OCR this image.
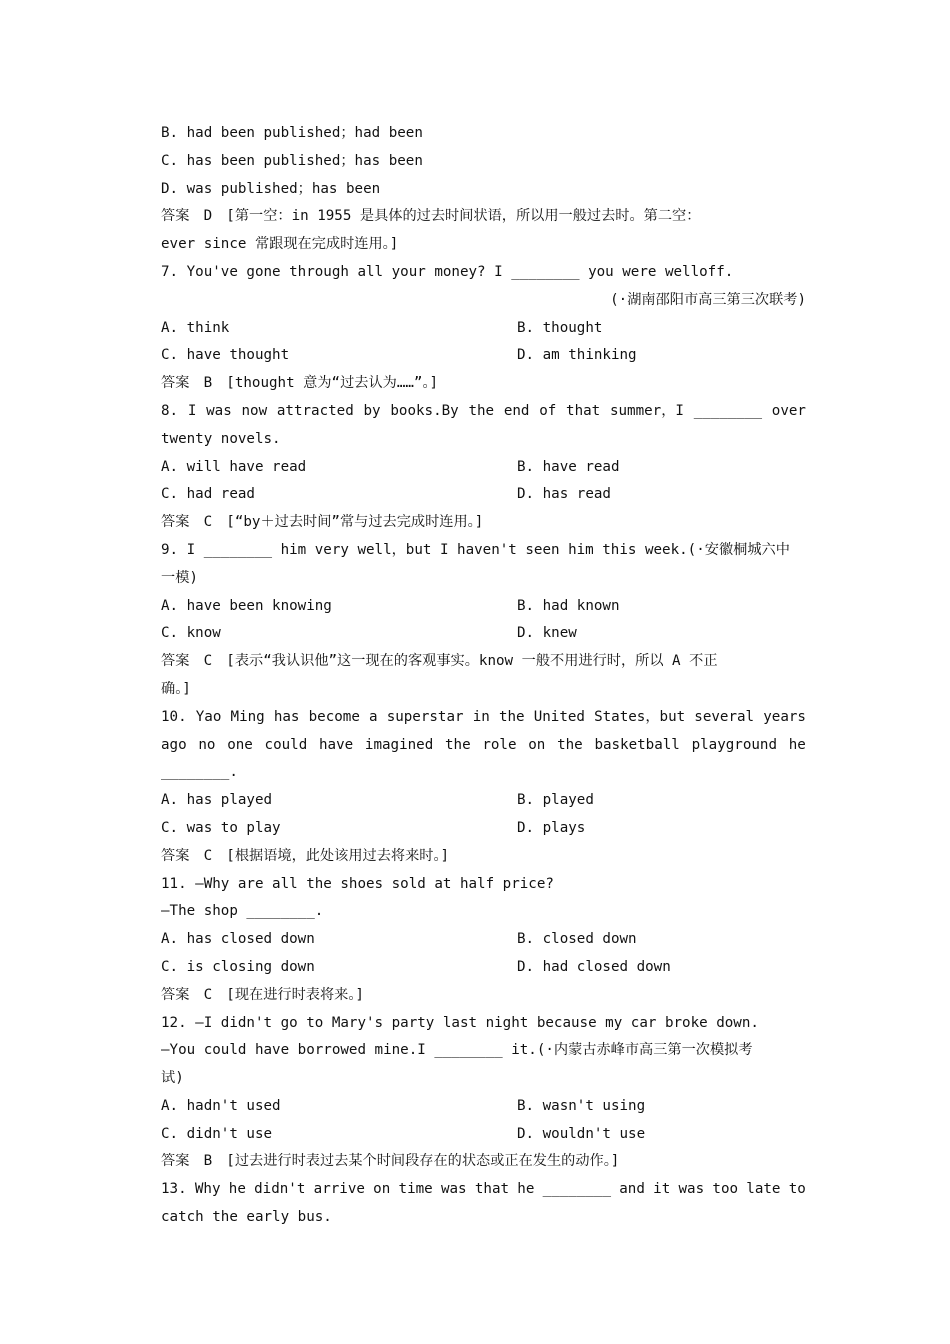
B. had been published；had been
C. has been published；has been
D. was published；has been
答案　D　[第一空：in 1955 是具体的过去时间状语，所以用一般过去时。第二空：
ever since 常跟现在完成时连用。]
7. You've gone through all your money? I ________ you were welloff.
(·湖南邵阳市高三第三次联考)
A. think	B. thought
C. have thought	D. am thinking
答案　B　[thought 意为“过去认为……”。]
8. I was now attracted by books.By the end of that summer，I ________ over
twenty novels.
A. will have read	B. have read
C. had read	D. has read
答案　C　[“by＋过去时间”常与过去完成时连用。]
9. I ________ him very well，but I haven't seen him this week.(·安徽桐城六中
一模)
A. have been knowing	B. had known
C. know	D. knew
答案　C　[表示“我认识他”这一现在的客观事实。know 一般不用进行时，所以 A 不正
确。]
10. Yao Ming has become a superstar in the United States，but several years
ago no one could have imagined the role on the basketball playground he
________.
A. has played	B. played
C. was to play	D. plays
答案　C　[根据语境，此处该用过去将来时。]
11. —Why are all the shoes sold at half price?
—The shop ________.
A. has closed down	B. closed down
C. is closing down	D. had closed down
答案　C　[现在进行时表将来。]
12. —I didn't go to Mary's party last night because my car broke down.
—You could have borrowed mine.I ________ it.(·内蒙古赤峰市高三第一次模拟考
试)
A. hadn't used	B. wasn't using
C. didn't use	D. wouldn't use
答案　B　[过去进行时表过去某个时间段存在的状态或正在发生的动作。]
13. Why he didn't arrive on time was that he ________ and it was too late to
catch the early bus.
